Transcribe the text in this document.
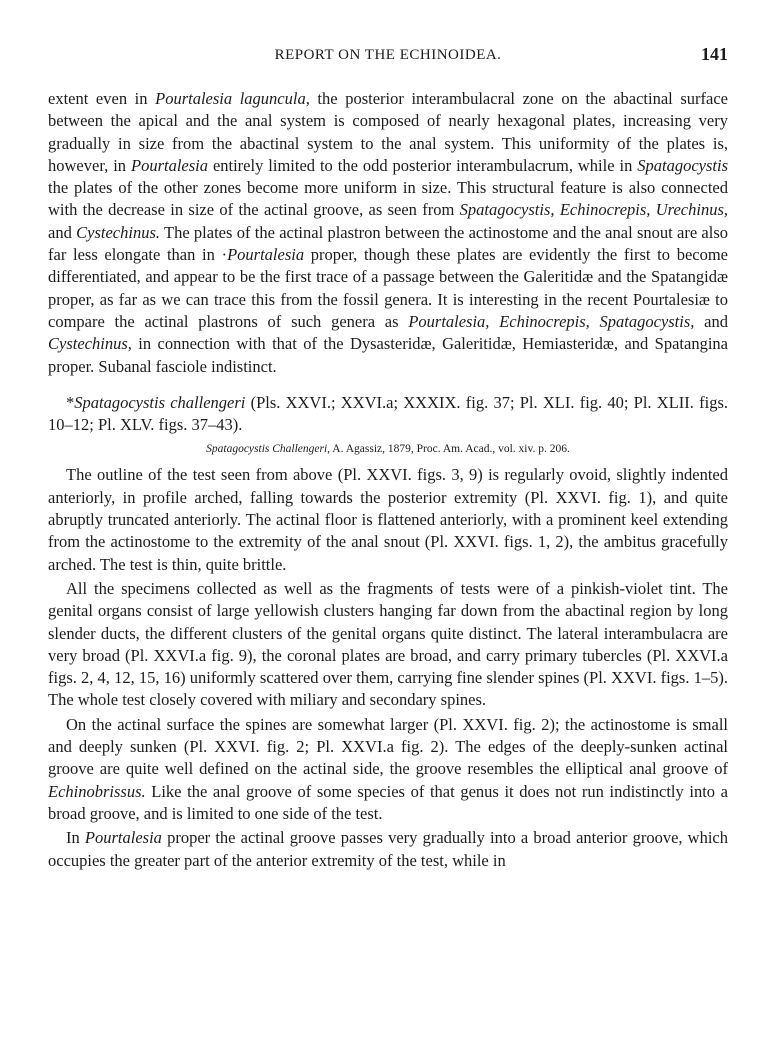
REPORT ON THE ECHINOIDEA.	141

extent even in Pourtalesia laguncula, the posterior interambulacral zone on the abactinal surface between the apical and the anal system is composed of nearly hexagonal plates, increasing very gradually in size from the abactinal system to the anal system. This uniformity of the plates is, however, in Pourtalesia entirely limited to the odd posterior interambulacrum, while in Spatagocystis the plates of the other zones become more uniform in size. This structural feature is also connected with the decrease in size of the actinal groove, as seen from Spatagocystis, Echinocrepis, Urechinus, and Cystechinus. The plates of the actinal plastron between the actinostome and the anal snout are also far less elongate than in ·Pourtalesia proper, though these plates are evidently the first to become differentiated, and appear to be the first trace of a passage between the Galeritidæ and the Spatangidæ proper, as far as we can trace this from the fossil genera. It is interesting in the recent Pourtalesiæ to compare the actinal plastrons of such genera as Pourtalesia, Echinocrepis, Spatagocystis, and Cystechinus, in connection with that of the Dysasteridæ, Galeritidæ, Hemiasteridæ, and Spatangina proper. Subanal fasciole indistinct.

*Spatagocystis challengeri (Pls. XXVI.; XXVI.a; XXXIX. fig. 37; Pl. XLI. fig. 40; Pl. XLII. figs. 10–12; Pl. XLV. figs. 37–43).

Spatagocystis Challengeri, A. Agassiz, 1879, Proc. Am. Acad., vol. xiv. p. 206.

The outline of the test seen from above (Pl. XXVI. figs. 3, 9) is regularly ovoid, slightly indented anteriorly, in profile arched, falling towards the posterior extremity (Pl. XXVI. fig. 1), and quite abruptly truncated anteriorly. The actinal floor is flattened anteriorly, with a prominent keel extending from the actinostome to the extremity of the anal snout (Pl. XXVI. figs. 1, 2), the ambitus gracefully arched. The test is thin, quite brittle.

All the specimens collected as well as the fragments of tests were of a pinkish-violet tint. The genital organs consist of large yellowish clusters hanging far down from the abactinal region by long slender ducts, the different clusters of the genital organs quite distinct. The lateral interambulacra are very broad (Pl. XXVI.a fig. 9), the coronal plates are broad, and carry primary tubercles (Pl. XXVI.a figs. 2, 4, 12, 15, 16) uniformly scattered over them, carrying fine slender spines (Pl. XXVI. figs. 1–5). The whole test closely covered with miliary and secondary spines.

On the actinal surface the spines are somewhat larger (Pl. XXVI. fig. 2); the actinostome is small and deeply sunken (Pl. XXVI. fig. 2; Pl. XXVI.a fig. 2). The edges of the deeply-sunken actinal groove are quite well defined on the actinal side, the groove resembles the elliptical anal groove of Echinobrissus. Like the anal groove of some species of that genus it does not run indistinctly into a broad groove, and is limited to one side of the test.

In Pourtalesia proper the actinal groove passes very gradually into a broad anterior groove, which occupies the greater part of the anterior extremity of the test, while in
